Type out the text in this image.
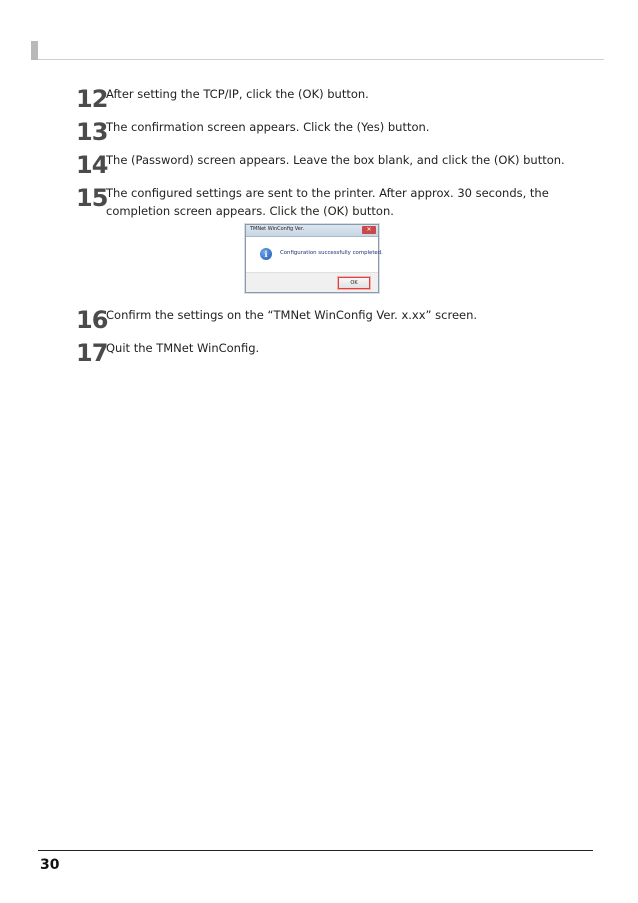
12
After setting the TCP/IP, click the (OK) button.
13
The confirmation screen appears. Click the (Yes) button.
14
The (Password) screen appears. Leave the box blank, and click the (OK) button.
15
The configured settings are sent to the printer. After approx. 30 seconds, the completion screen appears. Click the (OK) button.
TMNet WinConfig Ver.	✕
i	Configuration successfully completed.
OK
16
Confirm the settings on the “TMNet WinConfig Ver. x.xx” screen.
17
Quit the TMNet WinConfig.
30
